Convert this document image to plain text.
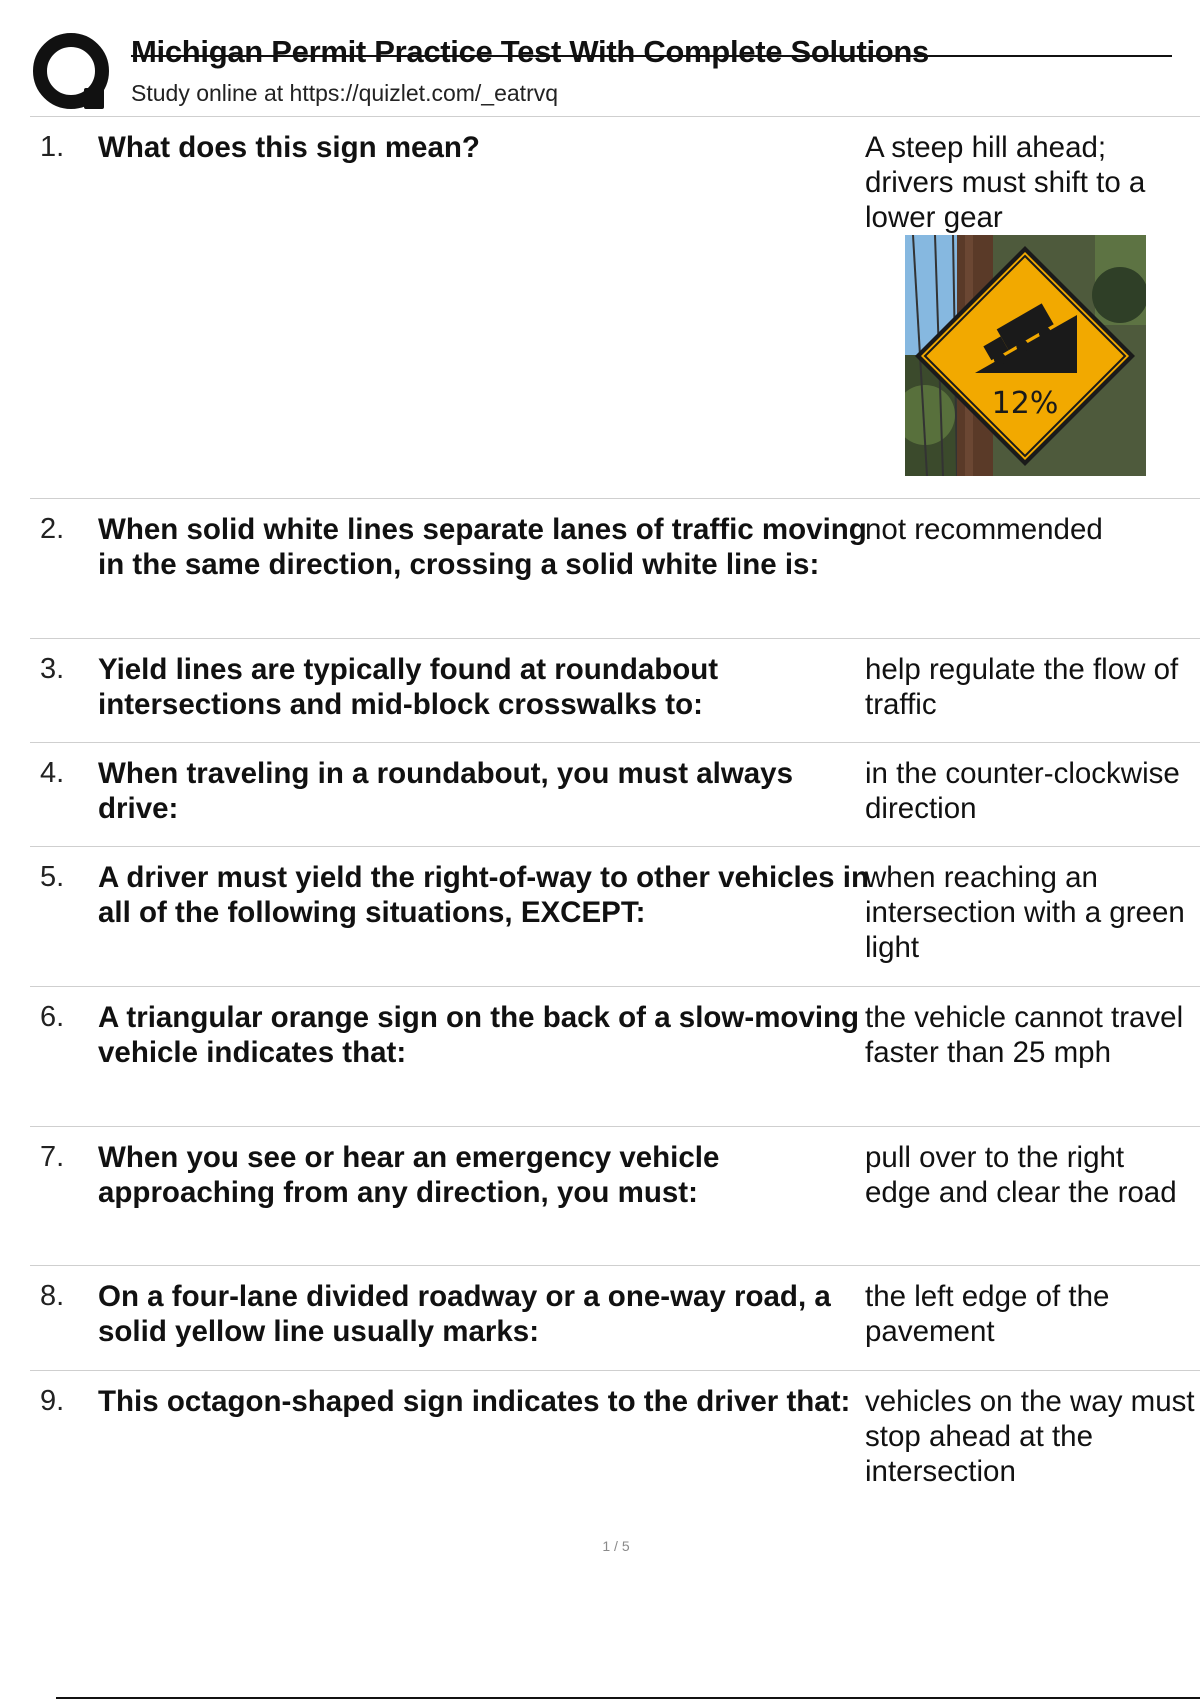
Michigan Permit Practice Test With Complete Solutions
Study online at https://quizlet.com/_eatrvq
1. What does this sign mean?	A steep hill ahead; drivers must shift to a lower gear
12%
2. When solid white lines separate lanes of traffic moving in the same direction, crossing a solid white line is:
not recommended
3. Yield lines are typically found at roundabout intersections and mid-block crosswalks to:
help regulate the flow of traffic
4. When traveling in a roundabout, you must always drive:
in the counter-clockwise direction
5. A driver must yield the right-of-way to other vehicles in all of the following situations, EXCEPT:
when reaching an intersection with a green light
6. A triangular orange sign on the back of a slow-moving vehicle indicates that:
the vehicle cannot travel faster than 25 mph
7. When you see or hear an emergency vehicle approaching from any direction, you must:
pull over to the right edge and clear the road
8. On a four-lane divided roadway or a one-way road, a solid yellow line usually marks:
the left edge of the pavement
9. This octagon-shaped sign indicates to the driver that: vehicles on the way must stop ahead at the intersection
1 / 5
